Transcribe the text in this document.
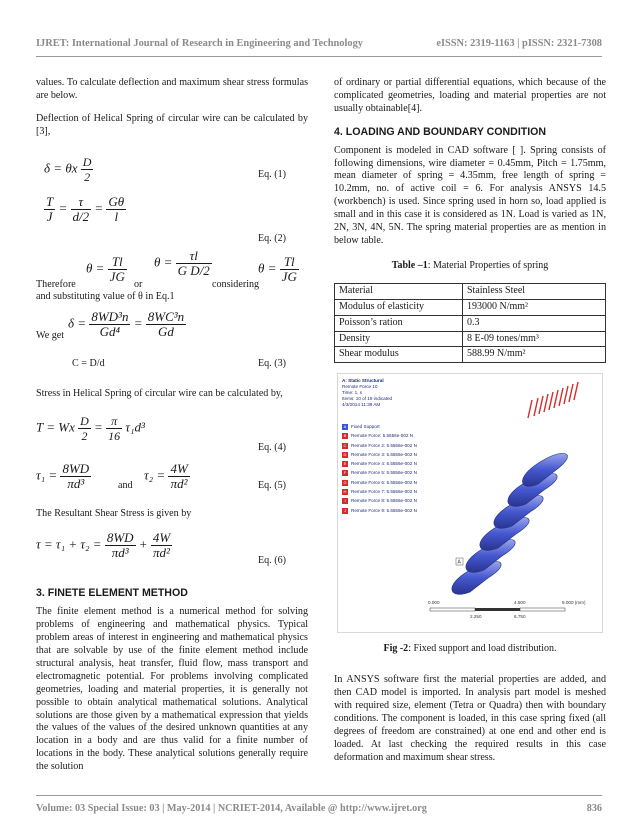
IJRET: International Journal of Research in Engineering and Technology	eISSN: 2319-1163 | pISSN: 2321-7308

values. To calculate deflection and maximum shear stress formulas are below.

Deflection of Helical Spring of circular wire can be calculated by [3],

δ = θx $\frac{D}{2}$	Eq. (1)
$\frac{T}{J} = \frac{\tau}{d/2} = \frac{G\theta}{l}$
Eq. (2)
$\theta = \frac{Tl}{JG}$ $\theta = \frac{\tau l}{\text{G D/2}}$	$\theta = \frac{Tl}{JG}$
Therefore	or	considering

and substituting value of θ in Eq.1

$\delta = \frac{\text{8WD³n}}{\text{Gd⁴}} = \frac{\text{8WC³n}}{Gd}$
We get
C = D/d	Eq. (3)

Stress in Helical Spring of circular wire can be calculated by,

T = Wx $\frac{D}{2} = \frac{\pi}{16} \tau_1d^3$
Eq. (4)
$\tau_1 = \frac{8WD}{\text{πd³}}$	and
$\tau_2 = \frac{4W}{\text{πd²}}$	Eq. (5)

The Resultant Shear Stress is given by

$\tau = \tau_1 + \tau_2 = \frac{8WD}{\text{πd³}} + \frac{4W}{\text{πd²}}$
Eq. (6)
3. FINETE ELEMENT METHOD

The finite element method is a numerical method for solving problems of engineering and mathematical physics. Typical problem areas of interest in engineering and mathematical physics that are solvable by use of the finite element method include structural analysis, heat transfer, fluid flow, mass transport and electromagnetic potential. For problems involving complicated geometries, loading and material properties, it is generally not possible to obtain analytical mathematical solutions. Analytical solutions are those given by a mathematical expression that yields the values of the values of the desired unknown quantities at any location in a body and are thus valid for a finite number of locations in the body. These analytical solutions generally require the solution

of ordinary or partial differential equations, which because of the complicated geometries, loading and material properties are not usually obtainable[4].

4. LOADING AND BOUNDARY CONDITION

Component is modeled in CAD software [ ]. Spring consists of following dimensions, wire diameter = 0.45mm, Pitch = 1.75mm, mean diameter of spring = 4.35mm, free length of spring = 10.2mm, no. of active coil = 6. For analysis ANSYS 14.5 (workbench) is used. Since spring used in horn so, load applied is small and in this case it is considered as 1N. Load is varied as 1N, 2N, 3N, 4N, 5N. The spring material properties are as mention in below table.

Table –1: Material Properties of spring
Material	Stainless Steel
Modulus of elasticity	193000 N/mm²
Poisson’s ration	0.3
Density	8 E-09 tones/mm³
Shear modulus	588.99 N/mm²
A: Static Structural
Remote Force 10
Time: 1. s
Items: 10 of 19 indicated
4/3/2014 11:39 AM
A	Fixed Support
B	Remote Force: 5.5556e-002 N
C Remote Force 2: 5.5556e-002 N
D Remote Force 3: 5.5556e-002 N
E	Remote Force 4: 5.5556e-002 N
F	Remote Force 5: 5.5556e-002 N
G Remote Force 6: 5.5556e-002 N
H Remote Force 7: 5.5556e-002 N
I	Remote Force 8: 5.5556e-002 N
J	Remote Force 9: 5.5556e-002 N
A
0.000	4.500	9.000 (mm)
2.250	6.750
Fig -2: Fixed support and load distribution.

In ANSYS software first the material properties are added, and then CAD model is imported. In analysis part model is meshed with required size, element (Tetra or Quadra) then with boundary conditions. The component is loaded, in this case spring fixed (all degrees of freedom are constrained) at one end and other end is loaded. At last checking the required results in this case deformation and maximum shear stress.

Volume: 03 Special Issue: 03 | May-2014 | NCRIET-2014, Available @ http://www.ijret.org	836
